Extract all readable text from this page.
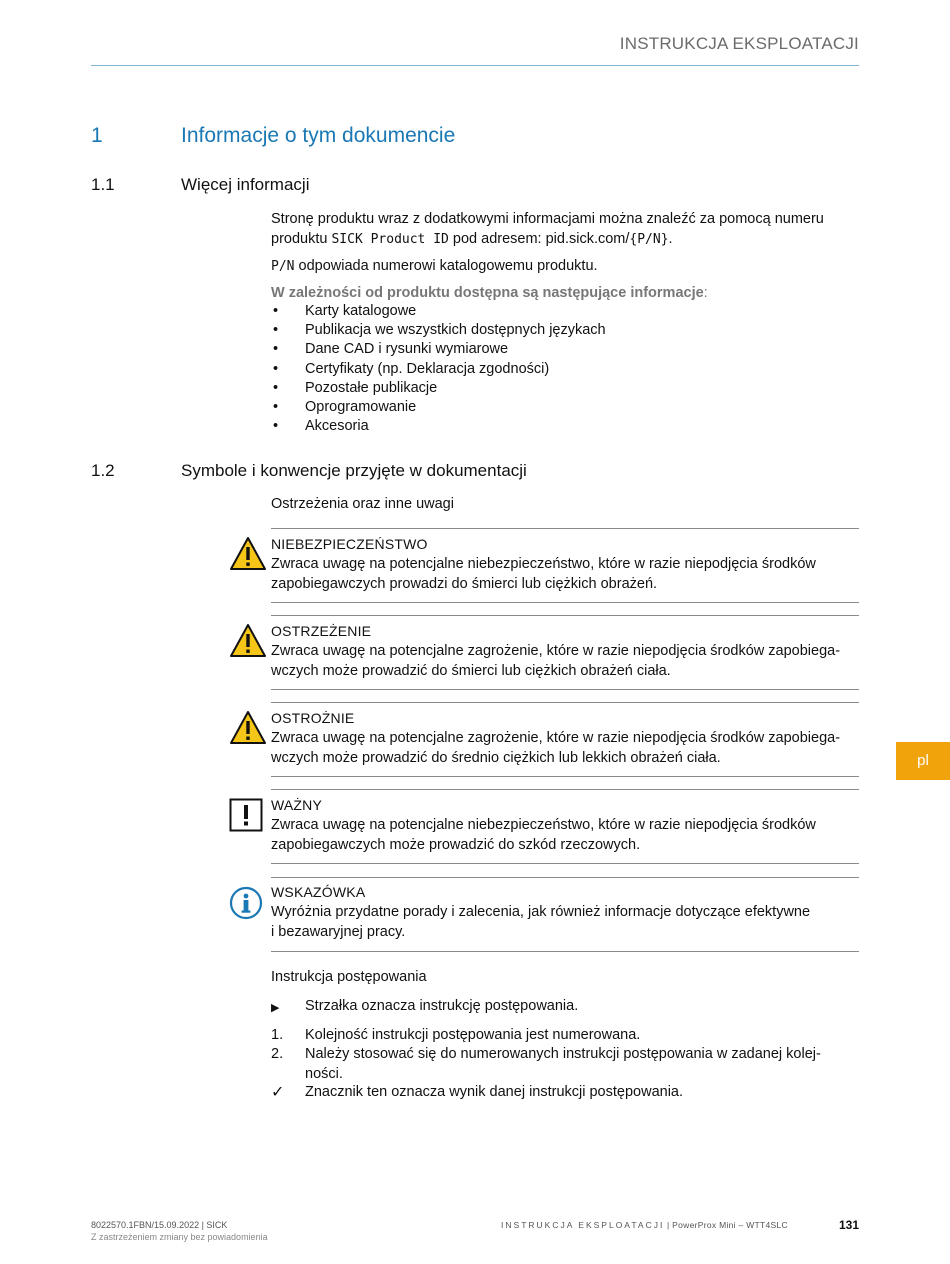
INSTRUKCJA EKSPLOATACJI
1	Informacje o tym dokumencie
1.1	Więcej informacji
Stronę produktu wraz z dodatkowymi informacjami można znaleźć za pomocą numeru
produktu SICK Product ID pod adresem: pid.sick.com/{P/N}.
P/N odpowiada numerowi katalogowemu produktu.
W zależności od produktu dostępna są następujące informacje:
• Karty katalogowe
• Publikacja we wszystkich dostępnych językach
• Dane CAD i rysunki wymiarowe
• Certyfikaty (np. Deklaracja zgodności)
• Pozostałe publikacje
• Oprogramowanie
• Akcesoria
1.2	Symbole i konwencje przyjęte w dokumentacji
Ostrzeżenia oraz inne uwagi
NIEBEZPIECZEŃSTWO
Zwraca uwagę na potencjalne niebezpieczeństwo, które w razie niepodjęcia środków
zapobiegawczych prowadzi do śmierci lub ciężkich obrażeń.
OSTRZEŻENIE
Zwraca uwagę na potencjalne zagrożenie, które w razie niepodjęcia środków zapobiega-
wczych może prowadzić do śmierci lub ciężkich obrażeń ciała.
OSTROŻNIE
Zwraca uwagę na potencjalne zagrożenie, które w razie niepodjęcia środków zapobiega-
wczych może prowadzić do średnio ciężkich lub lekkich obrażeń ciała.
WAŻNY
Zwraca uwagę na potencjalne niebezpieczeństwo, które w razie niepodjęcia środków
zapobiegawczych może prowadzić do szkód rzeczowych.
WSKAZÓWKA
Wyróżnia przydatne porady i zalecenia, jak również informacje dotyczące efektywne
i bezawaryjnej pracy.
Instrukcja postępowania
▶ Strzałka oznacza instrukcję postępowania.
1. Kolejność instrukcji postępowania jest numerowana.
2. Należy stosować się do numerowanych instrukcji postępowania w zadanej kolej-
ności.
✓ Znacznik ten oznacza wynik danej instrukcji postępowania.
pl
8022570.1FBN/15.09.2022 | SICK
Z zastrzeżeniem zmiany bez powiadomienia
INSTRUKCJA EKSPLOATACJI | PowerProx Mini – WTT4SLC	131
